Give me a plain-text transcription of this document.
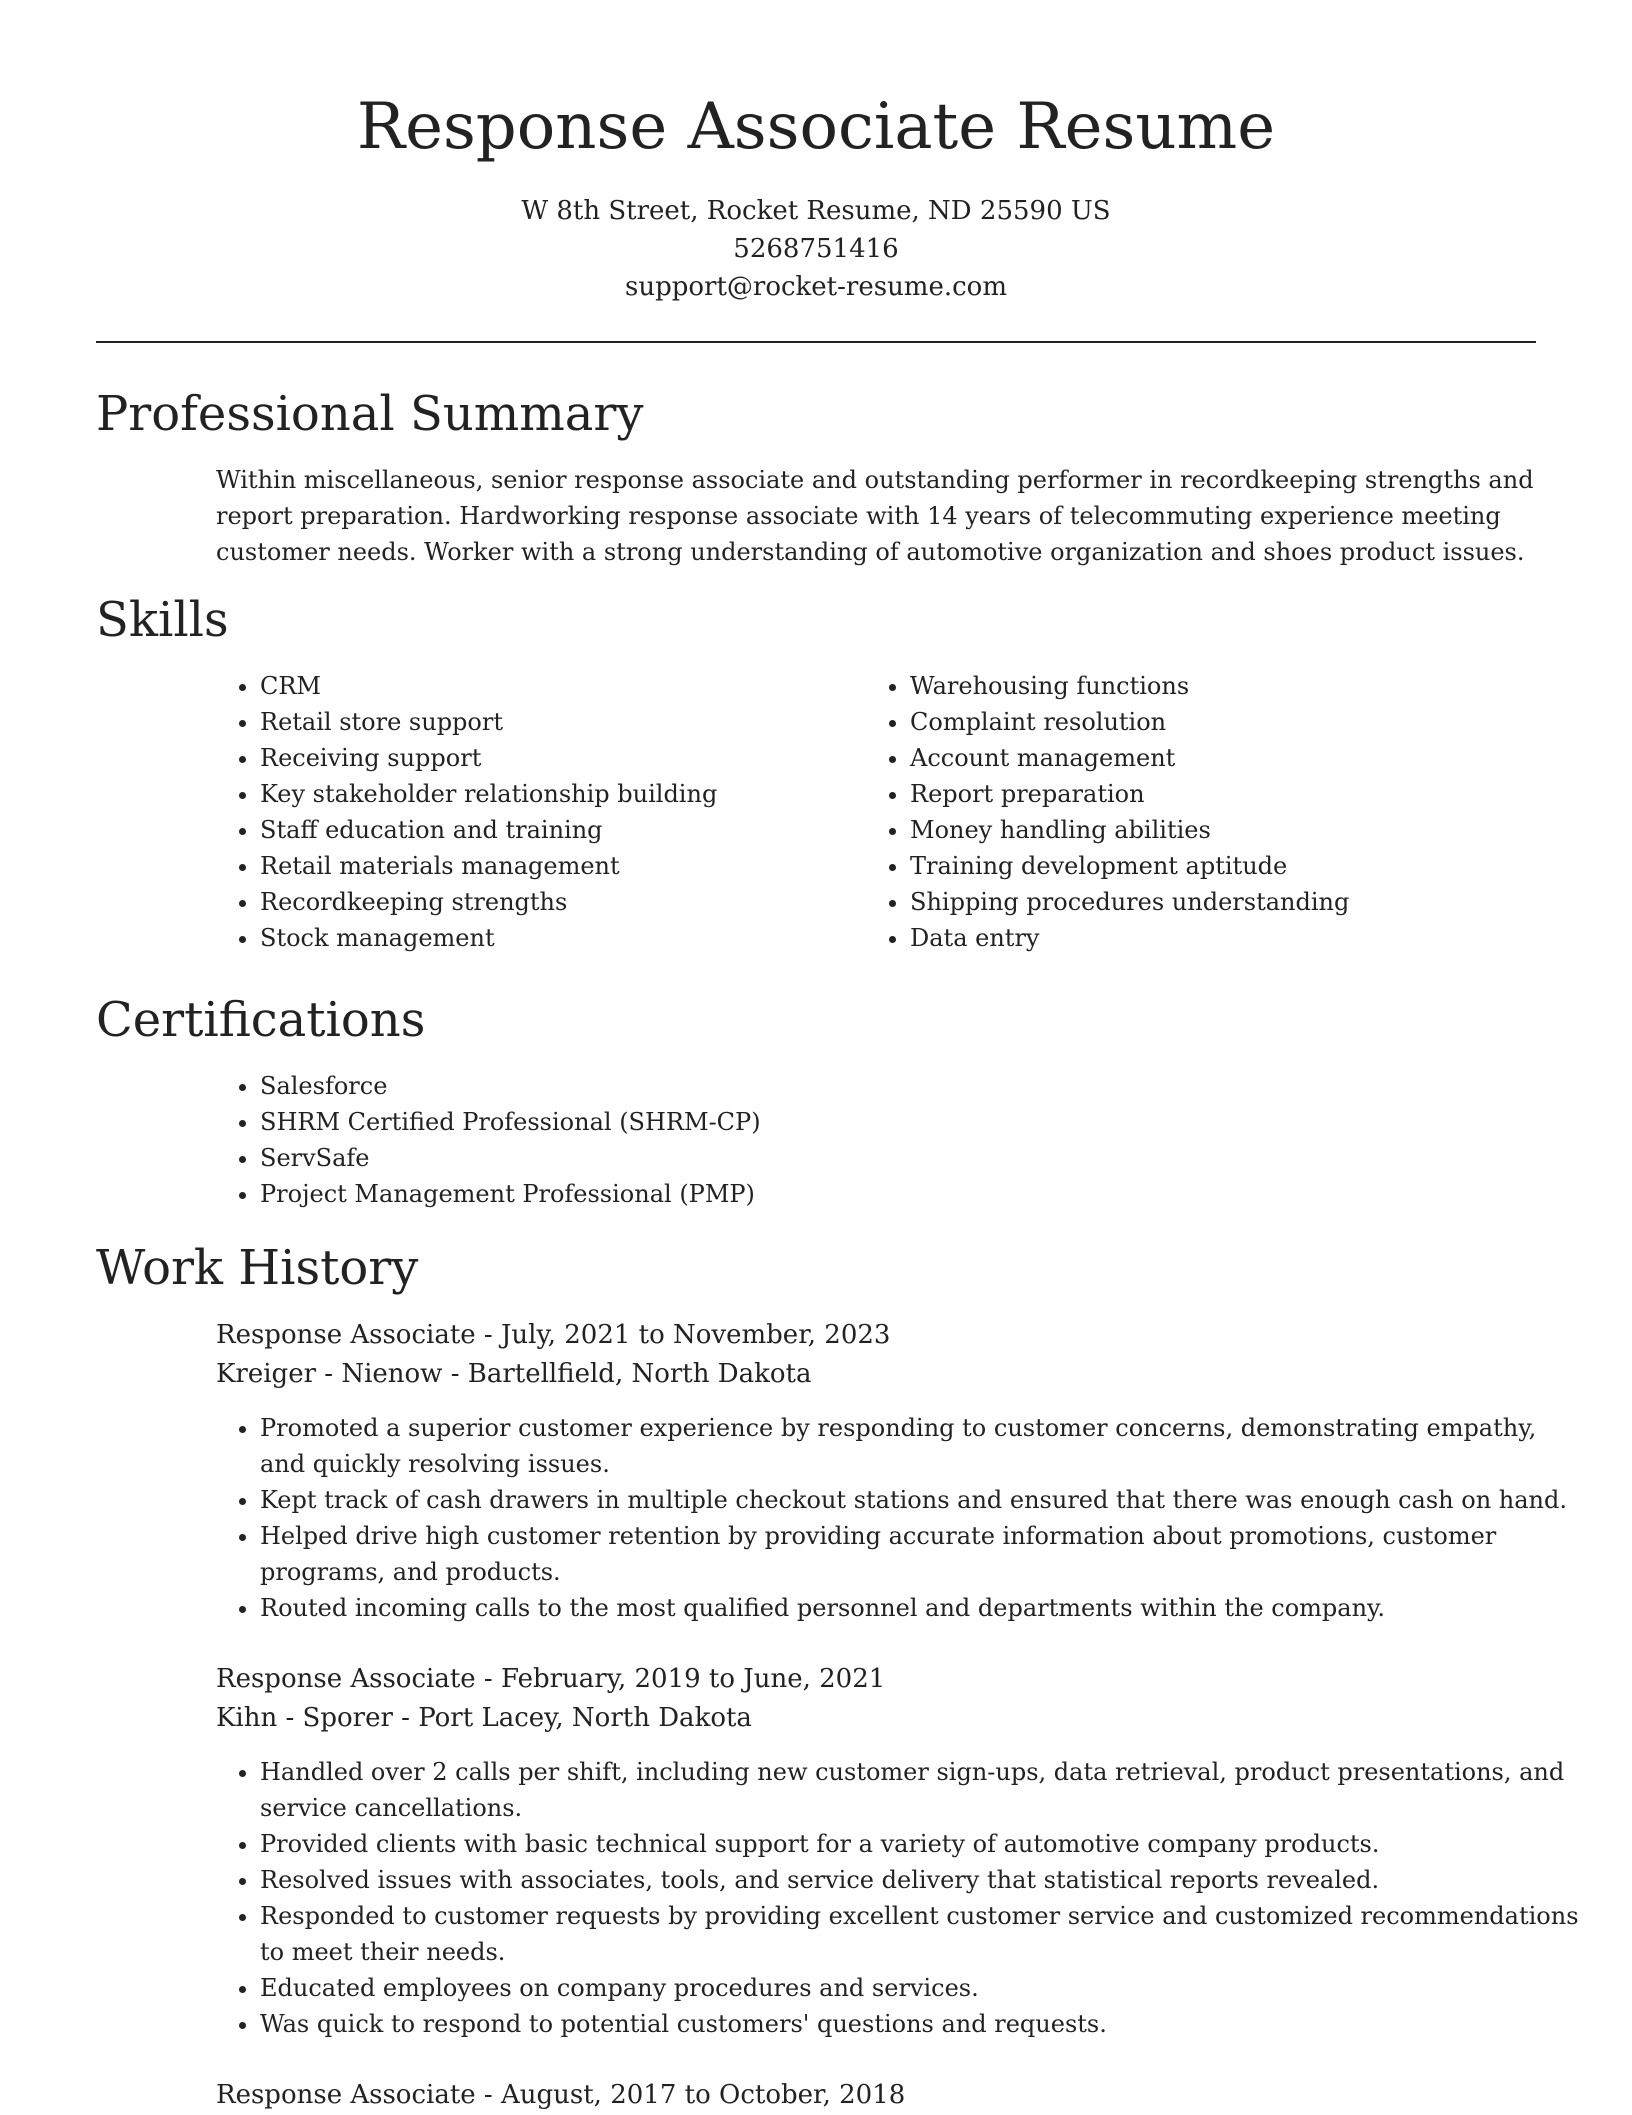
Response Associate Resume
W 8th Street, Rocket Resume, ND 25590 US
5268751416
support@rocket-resume.com
Professional Summary

Within miscellaneous, senior response associate and outstanding performer in recordkeeping strengths and report preparation. Hardworking response associate with 14 years of telecommuting experience meeting customer needs. Worker with a strong understanding of automotive organization and shoes product issues.

Skills
• CRM
• Retail store support
• Receiving support
• Key stakeholder relationship building
• Staff education and training
• Retail materials management
• Recordkeeping strengths
• Stock management
• Warehousing functions
• Complaint resolution
• Account management
• Report preparation
• Money handling abilities
• Training development aptitude
• Shipping procedures understanding
• Data entry
Certifications
• Salesforce
• SHRM Certified Professional (SHRM-CP)
• ServSafe
• Project Management Professional (PMP)
Work History
Response Associate - July, 2021 to November, 2023
Kreiger - Nienow - Bartellfield, North Dakota
• Promoted a superior customer experience by responding to customer concerns, demonstrating empathy, and quickly resolving issues.
• Kept track of cash drawers in multiple checkout stations and ensured that there was enough cash on hand.
• Helped drive high customer retention by providing accurate information about promotions, customer programs, and products.
• Routed incoming calls to the most qualified personnel and departments within the company.
Response Associate - February, 2019 to June, 2021
Kihn - Sporer - Port Lacey, North Dakota
• Handled over 2 calls per shift, including new customer sign-ups, data retrieval, product presentations, and service cancellations.
• Provided clients with basic technical support for a variety of automotive company products.
• Resolved issues with associates, tools, and service delivery that statistical reports revealed.
• Responded to customer requests by providing excellent customer service and customized recommendations to meet their needs.
• Educated employees on company procedures and services.
• Was quick to respond to potential customers' questions and requests.
Response Associate - August, 2017 to October, 2018
